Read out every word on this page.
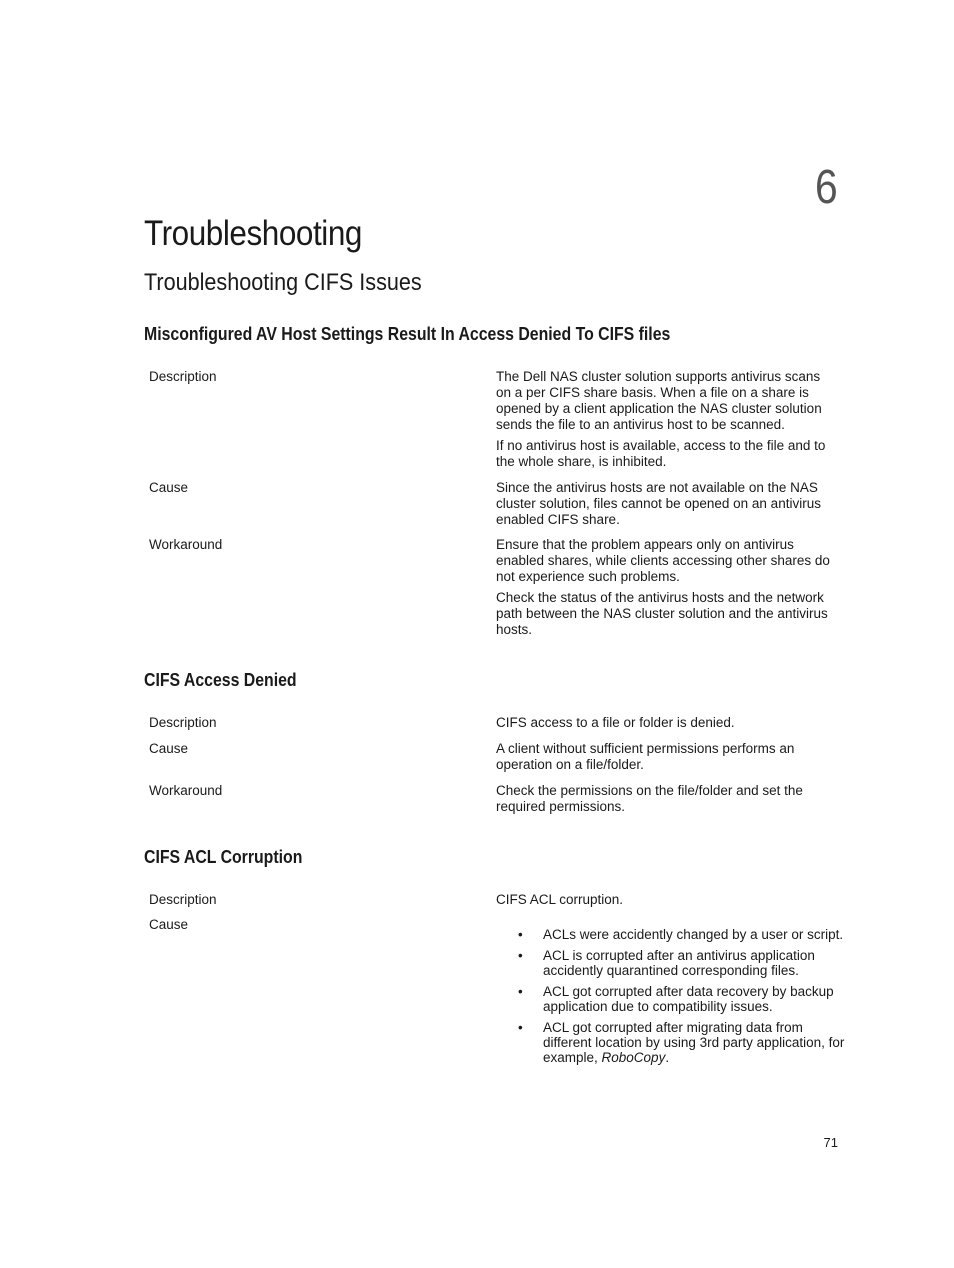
6
Troubleshooting
Troubleshooting CIFS Issues
Misconfigured AV Host Settings Result In Access Denied To CIFS files
Description	The Dell NAS cluster solution supports antivirus scans on a per CIFS share basis. When a file on a share is opened by a client application the NAS cluster solution sends the file to an antivirus host to be scanned.

If no antivirus host is available, access to the file and to the whole share, is inhibited.

Cause	Since the antivirus hosts are not available on the NAS cluster solution, files cannot be opened on an antivirus enabled CIFS share.

Workaround	Ensure that the problem appears only on antivirus enabled shares, while clients accessing other shares do not experience such problems.

Check the status of the antivirus hosts and the network path between the NAS cluster solution and the antivirus hosts.

CIFS Access Denied
Description	CIFS access to a file or folder is denied.

Cause	A client without sufficient permissions performs an operation on a file/folder.

Workaround	Check the permissions on the file/folder and set the required permissions.

CIFS ACL Corruption
Description	CIFS ACL corruption.

Cause
• ACLs were accidently changed by a user or script.
• ACL is corrupted after an antivirus application accidently quarantined corresponding files.
• ACL got corrupted after data recovery by backup application due to compatibility issues.
• ACL got corrupted after migrating data from different location by using 3rd party application, for example, RoboCopy.
71
